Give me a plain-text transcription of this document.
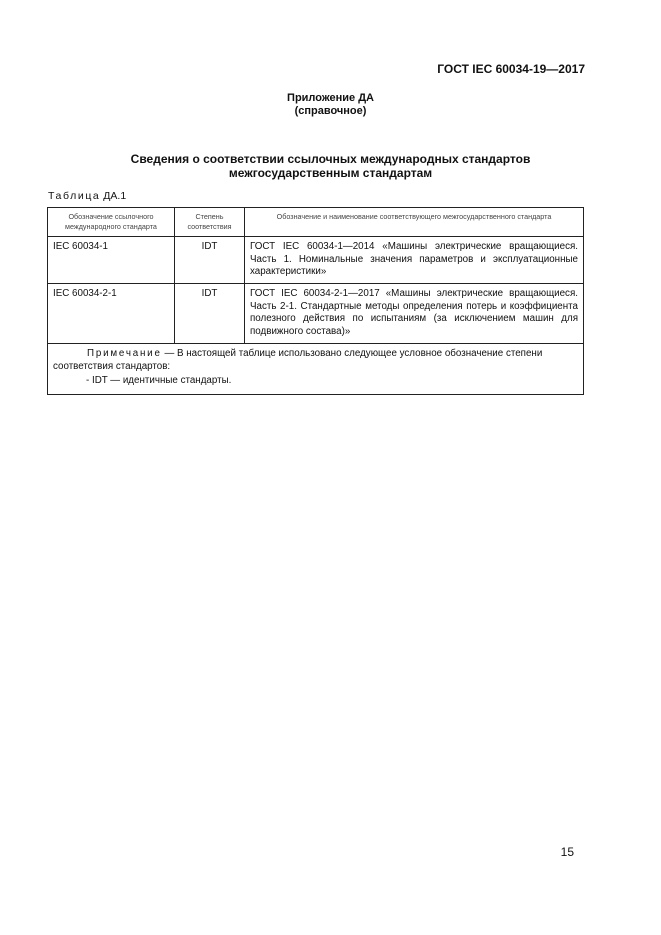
ГОСТ IEC 60034-19—2017
Приложение ДА
(справочное)
Сведения о соответствии ссылочных международных стандартов
межгосударственным стандартам
Таблица ДА.1
Обозначение ссылочного международного стандарта	Степень соответствия	Обозначение и наименование соответствующего межгосударственного стандарта
IEC 60034-1	IDT	ГОСТ IEC 60034-1—2014 «Машины электрические вращающиеся. Часть 1. Номинальные значения параметров и эксплуатационные характеристики»
IEC 60034-2-1	IDT	ГОСТ IEC 60034-2-1—2017 «Машины электрические вращающиеся. Часть 2-1. Стандартные методы определения потерь и коэффициента полезного действия по испытаниям (за исключением машин для подвижного состава)»

Примечание — В настоящей таблице использовано следующее условное обозначение степени соответствия стандартов:
- IDT — идентичные стандарты.		
15
